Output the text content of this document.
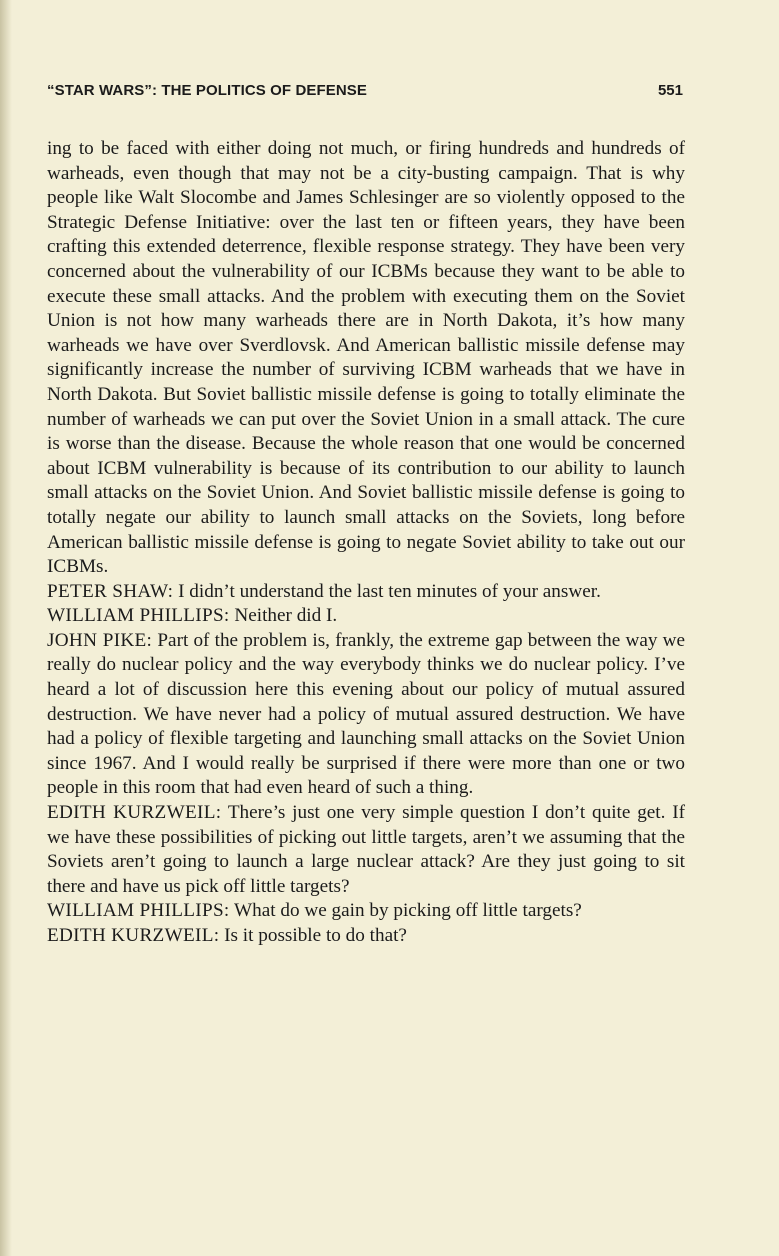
“STAR WARS”: THE POLITICS OF DEFENSE	551

ing to be faced with either doing not much, or firing hundreds and hundreds of warheads, even though that may not be a city-busting campaign. That is why people like Walt Slocombe and James Schlesinger are so violently opposed to the Strategic Defense Initiative: over the last ten or fifteen years, they have been crafting this extended deterrence, flexible response strategy. They have been very concerned about the vulnerability of our ICBMs because they want to be able to execute these small attacks. And the problem with executing them on the Soviet Union is not how many warheads there are in North Dakota, it’s how many warheads we have over Sverdlovsk. And American ballistic missile defense may significantly increase the number of surviving ICBM warheads that we have in North Dakota. But Soviet ballistic missile defense is going to totally eliminate the number of warheads we can put over the Soviet Union in a small attack. The cure is worse than the disease. Because the whole reason that one would be concerned about ICBM vulnerability is because of its contribution to our ability to launch small attacks on the Soviet Union. And Soviet ballistic missile defense is going to totally negate our ability to launch small attacks on the Soviets, long before American ballistic missile defense is going to negate Soviet ability to take out our ICBMs.

PETER SHAW: I didn’t understand the last ten minutes of your answer.

WILLIAM PHILLIPS: Neither did I.

JOHN PIKE: Part of the problem is, frankly, the extreme gap between the way we really do nuclear policy and the way everybody thinks we do nuclear policy. I’ve heard a lot of discussion here this evening about our policy of mutual assured destruction. We have never had a policy of mutual assured destruction. We have had a policy of flexible targeting and launching small attacks on the Soviet Union since 1967. And I would really be surprised if there were more than one or two people in this room that had even heard of such a thing.

EDITH KURZWEIL: There’s just one very simple question I don’t quite get. If we have these possibilities of picking out little targets, aren’t we assuming that the Soviets aren’t going to launch a large nuclear attack? Are they just going to sit there and have us pick off little targets?

WILLIAM PHILLIPS: What do we gain by picking off little targets?

EDITH KURZWEIL: Is it possible to do that?
